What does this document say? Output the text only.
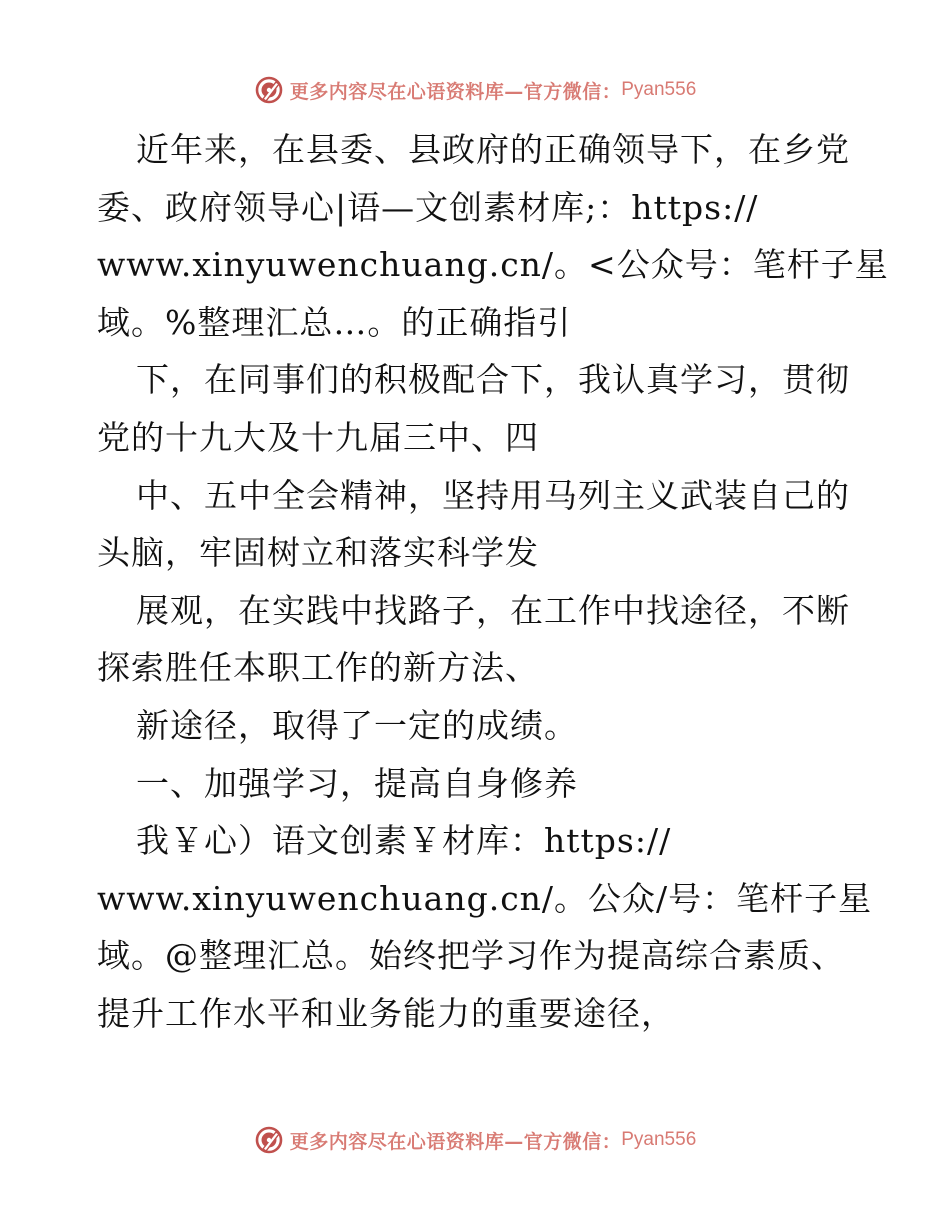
更多内容尽在心语资料库—官方微信： Pyan556
近年来，在县委、县政府的正确领导下，在乡党
委、政府领导心|语—文创素材库;：https://
www.xinyuwenchuang.cn/。<公众号：笔杆子星
域。%整理汇总…。的正确指引
下，在同事们的积极配合下，我认真学习，贯彻
党的十九大及十九届三中、四
中、五中全会精神，坚持用马列主义武装自己的
头脑，牢固树立和落实科学发
展观，在实践中找路子，在工作中找途径，不断
探索胜任本职工作的新方法、
新途径，取得了一定的成绩。
一、加强学习，提高自身修养
我￥心）语文创素￥材库：https://
www.xinyuwenchuang.cn/。公众/号：笔杆子星
域。@整理汇总。始终把学习作为提高综合素质、
提升工作水平和业务能力的重要途径，
更多内容尽在心语资料库—官方微信： Pyan556
